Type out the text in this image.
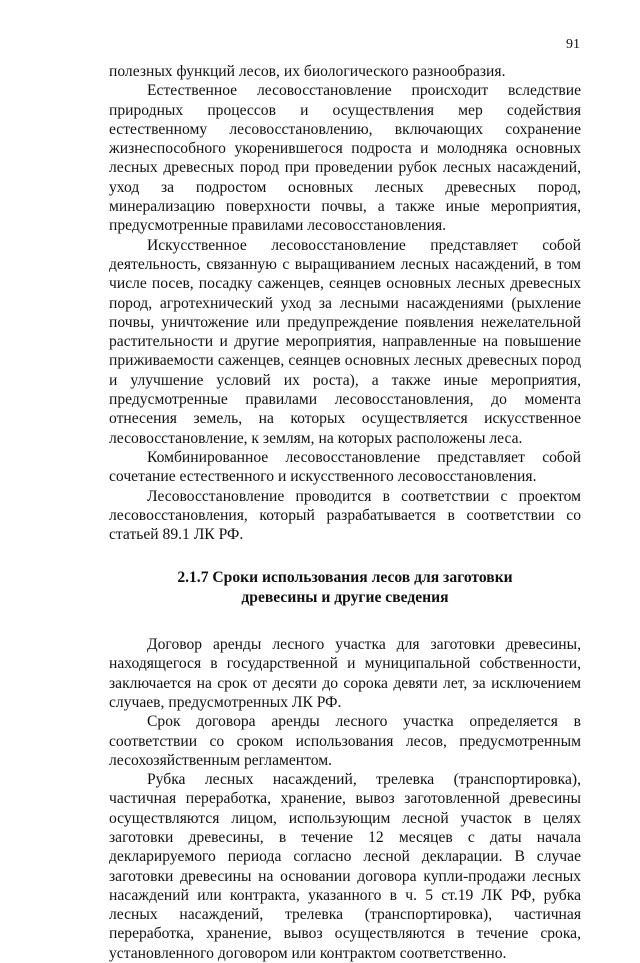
91

полезных функций лесов, их биологического разнообразия.

Естественное лесовосстановление происходит вследствие природных процессов и осуществления мер содействия естественному лесовосстановлению, включающих сохранение жизнеспособного укоренившегося подроста и молодняка основных лесных древесных пород при проведении рубок лесных насаждений, уход за подростом основных лесных древесных пород, минерализацию поверхности почвы, а также иные мероприятия, предусмотренные правилами лесовосстановления.

Искусственное лесовосстановление представляет собой деятельность, связанную с выращиванием лесных насаждений, в том числе посев, посадку саженцев, сеянцев основных лесных древесных пород, агротехнический уход за лесными насаждениями (рыхление почвы, уничтожение или предупреждение появления нежелательной растительности и другие мероприятия, направленные на повышение приживаемости саженцев, сеянцев основных лесных древесных пород и улучшение условий их роста), а также иные мероприятия, предусмотренные правилами лесовосстановления, до момента отнесения земель, на которых осуществляется искусственное лесовосстановление, к землям, на которых расположены леса.

Комбинированное лесовосстановление представляет собой сочетание естественного и искусственного лесовосстановления.

Лесовосстановление проводится в соответствии с проектом лесовосстановления, который разрабатывается в соответствии со статьей 89.1 ЛК РФ.

2.1.7 Сроки использования лесов для заготовки
древесины и другие сведения

Договор аренды лесного участка для заготовки древесины, находящегося в государственной и муниципальной собственности, заключается на срок от десяти до сорока девяти лет, за исключением случаев, предусмотренных ЛК РФ.

Срок договора аренды лесного участка определяется в соответствии со сроком использования лесов, предусмотренным лесохозяйственным регламентом.

Рубка лесных насаждений, трелевка (транспортировка), частичная переработка, хранение, вывоз заготовленной древесины осуществляются лицом, использующим лесной участок в целях заготовки древесины, в течение 12 месяцев с даты начала декларируемого периода согласно лесной декларации. В случае заготовки древесины на основании договора купли-продажи лесных насаждений или контракта, указанного в ч. 5 ст.19 ЛК РФ, рубка лесных насаждений, трелевка (транспортировка), частичная переработка, хранение, вывоз осуществляются в течение срока, установленного договором или контрактом соответственно.
